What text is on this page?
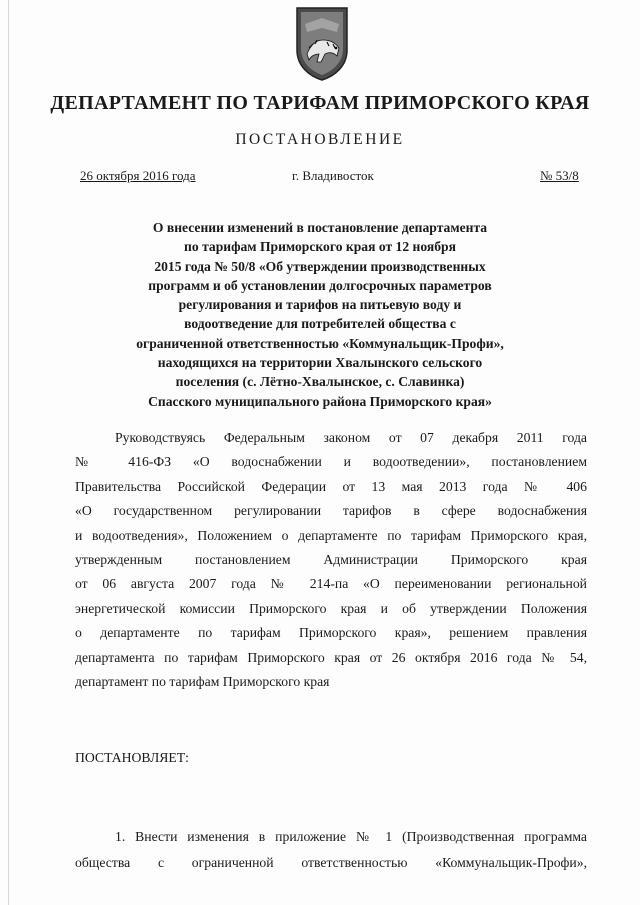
ДЕПАРТАМЕНТ ПО ТАРИФАМ ПРИМОРСКОГО КРАЯ
ПОСТАНОВЛЕНИЕ
26 октября 2016 года	г. Владивосток	№ 53/8
О внесении изменений в постановление департамента
по тарифам Приморского края от 12 ноября
2015 года № 50/8 «Об утверждении производственных
программ и об установлении долгосрочных параметров
регулирования и тарифов на питьевую воду и
водоотведение для потребителей общества с
ограниченной ответственностью «Коммунальщик-Профи»,
находящихся на территории Хвалынского сельского
поселения (с. Лётно-Хвалынское, с. Славинка)
Спасского муниципального района Приморского края»
Руководствуясь Федеральным законом от 07 декабря 2011 года
№ 416-ФЗ «О водоснабжении и водоотведении», постановлением
Правительства Российской Федерации от 13 мая 2013 года № 406
«О государственном регулировании тарифов в сфере водоснабжения
и водоотведения», Положением о департаменте по тарифам Приморского края,
утвержденным постановлением Администрации Приморского края
от 06 августа 2007 года № 214-па «О переименовании региональной
энергетической комиссии Приморского края и об утверждении Положения
о департаменте по тарифам Приморского края», решением правления
департамента по тарифам Приморского края от 26 октября 2016 года № 54,
департамент по тарифам Приморского края
ПОСТАНОВЛЯЕТ:
1. Внести изменения в приложение № 1 (Производственная программа
общества с ограниченной ответственностью «Коммунальщик-Профи»,
